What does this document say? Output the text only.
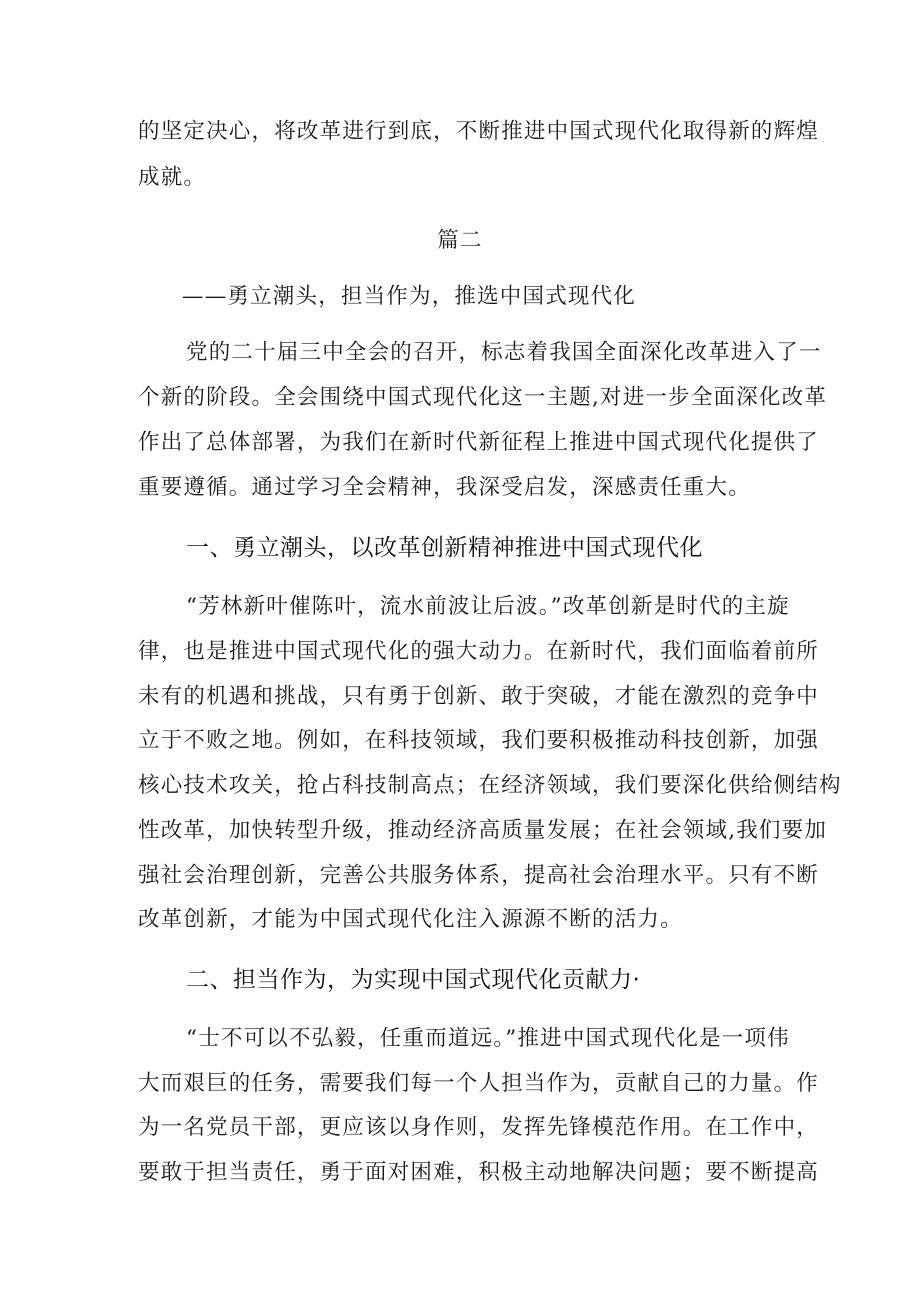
的坚定决心，将改革进行到底，不断推进中国式现代化取得新的辉煌
成就。
篇二
——勇立潮头，担当作为，推选中国式现代化
党的二十届三中全会的召开，标志着我国全面深化改革进入了一
个新的阶段。全会围绕中国式现代化这一主题,对进一步全面深化改革
作出了总体部署，为我们在新时代新征程上推进中国式现代化提供了
重要遵循。通过学习全会精神，我深受启发，深感责任重大。
一、勇立潮头，以改革创新精神推进中国式现代化
“芳林新叶催陈叶，流水前波让后波。”改革创新是时代的主旋
律，也是推进中国式现代化的强大动力。在新时代，我们面临着前所
未有的机遇和挑战，只有勇于创新、敢于突破，才能在激烈的竞争中
立于不败之地。例如，在科技领域，我们要积极推动科技创新，加强
核心技术攻关，抢占科技制高点；在经济领域，我们要深化供给侧结构
性改革，加快转型升级，推动经济高质量发展；在社会领域,我们要加
强社会治理创新，完善公共服务体系，提高社会治理水平。只有不断
改革创新，才能为中国式现代化注入源源不断的活力。
二、担当作为，为实现中国式现代化贡献力·
“士不可以不弘毅，任重而道远。”推进中国式现代化是一项伟
大而艰巨的任务，需要我们每一个人担当作为，贡献自己的力量。作
为一名党员干部，更应该以身作则，发挥先锋模范作用。在工作中，
要敢于担当责任，勇于面对困难，积极主动地解决问题；要不断提高
